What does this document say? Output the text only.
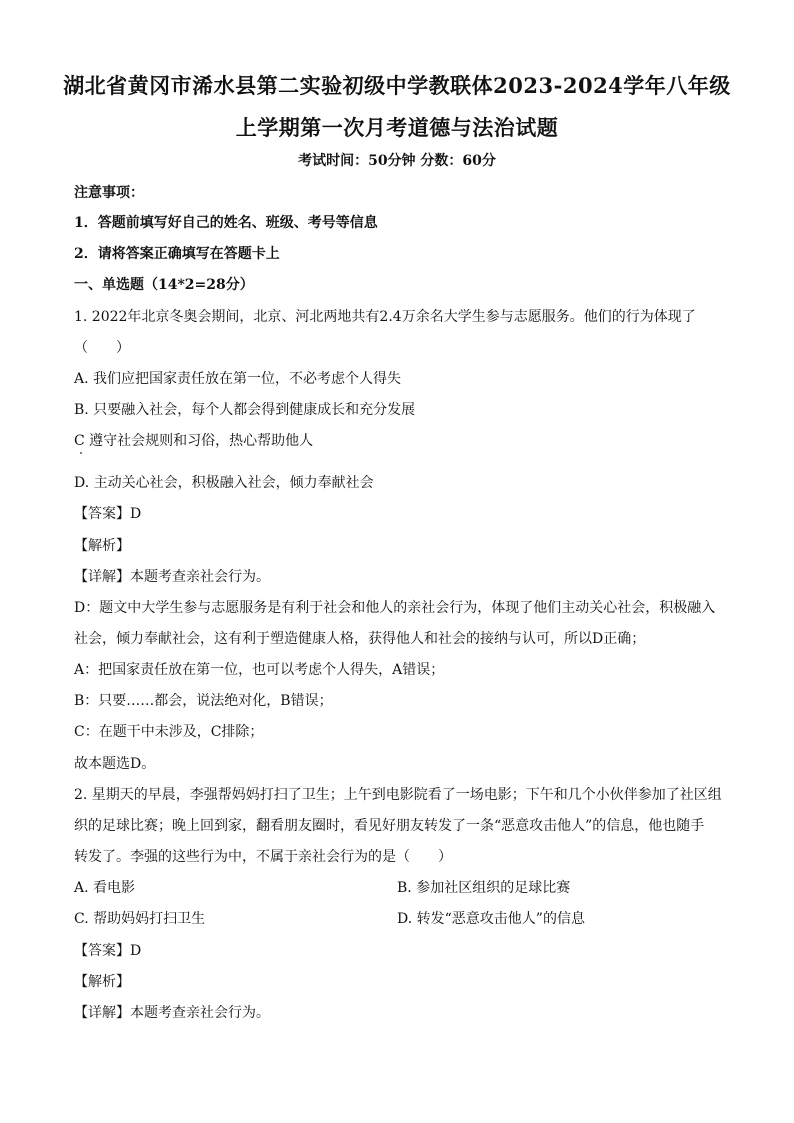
湖北省黄冈市浠水县第二实验初级中学教联体2023-2024学年八年级
上学期第一次月考道德与法治试题
考试时间：50分钟 分数：60分
注意事项：
1．答题前填写好自己的姓名、班级、考号等信息
2．请将答案正确填写在答题卡上
一、单选题（14*2=28分）
1. 2022年北京冬奥会期间，北京、河北两地共有2.4万余名大学生参与志愿服务。他们的行为体现了
（　　）
A. 我们应把国家责任放在第一位，不必考虑个人得失
B. 只要融入社会，每个人都会得到健康成长和充分发展
C 遵守社会规则和习俗，热心帮助他人
D. 主动关心社会，积极融入社会，倾力奉献社会
【答案】D
【解析】
【详解】本题考查亲社会行为。
D：题文中大学生参与志愿服务是有利于社会和他人的亲社会行为，体现了他们主动关心社会，积极融入
社会，倾力奉献社会，这有利于塑造健康人格，获得他人和社会的接纳与认可，所以D正确；
A：把国家责任放在第一位，也可以考虑个人得失，A错误；
B：只要……都会，说法绝对化，B错误；
C：在题干中未涉及，C排除；
故本题选D。
2. 星期天的早晨，李强帮妈妈打扫了卫生；上午到电影院看了一场电影；下午和几个小伙伴参加了社区组
织的足球比赛；晚上回到家，翻看朋友圈时，看见好朋友转发了一条“恶意攻击他人”的信息，他也随手
转发了。李强的这些行为中，不属于亲社会行为的是（　　）
A. 看电影	B. 参加社区组织的足球比赛
C. 帮助妈妈打扫卫生	D. 转发“恶意攻击他人”的信息
【答案】D
【解析】
【详解】本题考查亲社会行为。
